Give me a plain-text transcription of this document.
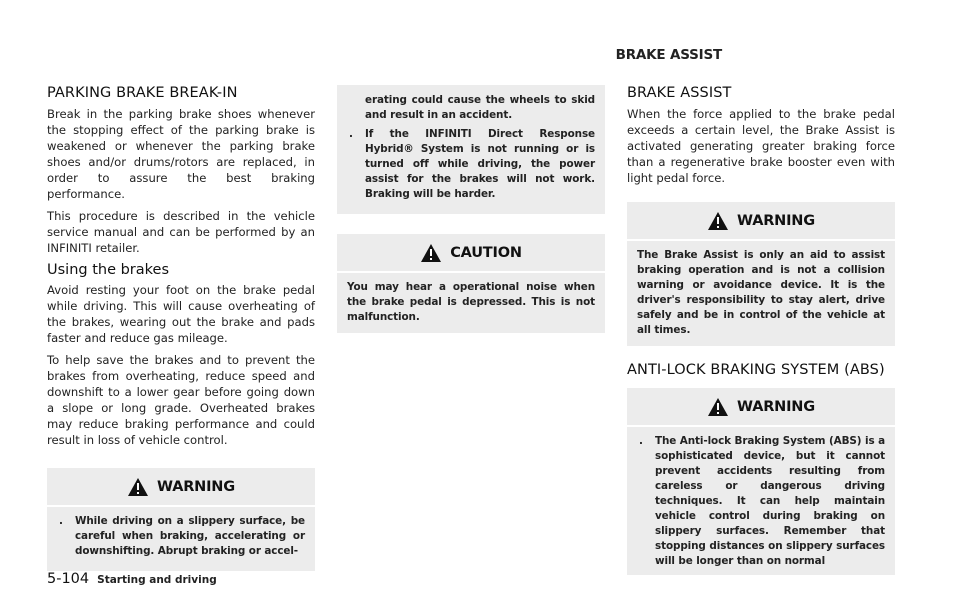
BRAKE ASSIST
PARKING BRAKE BREAK-IN

Break in the parking brake shoes whenever the stopping effect of the parking brake is weakened or whenever the parking brake shoes and/or drums/rotors are replaced, in order to assure the best braking performance.

This procedure is described in the vehicle service manual and can be performed by an INFINITI retailer.

Using the brakes

Avoid resting your foot on the brake pedal while driving. This will cause overheating of the brakes, wearing out the brake and pads faster and reduce gas mileage.

To help save the brakes and to prevent the brakes from overheating, reduce speed and downshift to a lower gear before going down a slope or long grade. Overheated brakes may reduce braking performance and could result in loss of vehicle control.

WARNING
. While driving on a slippery surface, be careful when braking, accelerating or downshifting. Abrupt braking or accel-
erating could cause the wheels to skid and result in an accident.
. If the INFINITI Direct Response Hybrid® System is not running or is turned off while driving, the power assist for the brakes will not work. Braking will be harder.
CAUTION

You may hear a operational noise when the brake pedal is depressed. This is not malfunction.

BRAKE ASSIST

When the force applied to the brake pedal exceeds a certain level, the Brake Assist is activated generating greater braking force than a regenerative brake booster even with light pedal force.

WARNING

The Brake Assist is only an aid to assist braking operation and is not a collision warning or avoidance device. It is the driver's responsibility to stay alert, drive safely and be in control of the vehicle at all times.

ANTI-LOCK BRAKING SYSTEM (ABS)
WARNING
. The Anti-lock Braking System (ABS) is a sophisticated device, but it cannot prevent accidents resulting from careless or dangerous driving techniques. It can help maintain vehicle control during braking on slippery surfaces. Remember that stopping distances on slippery surfaces will be longer than on normal
5-104 Starting and driving
